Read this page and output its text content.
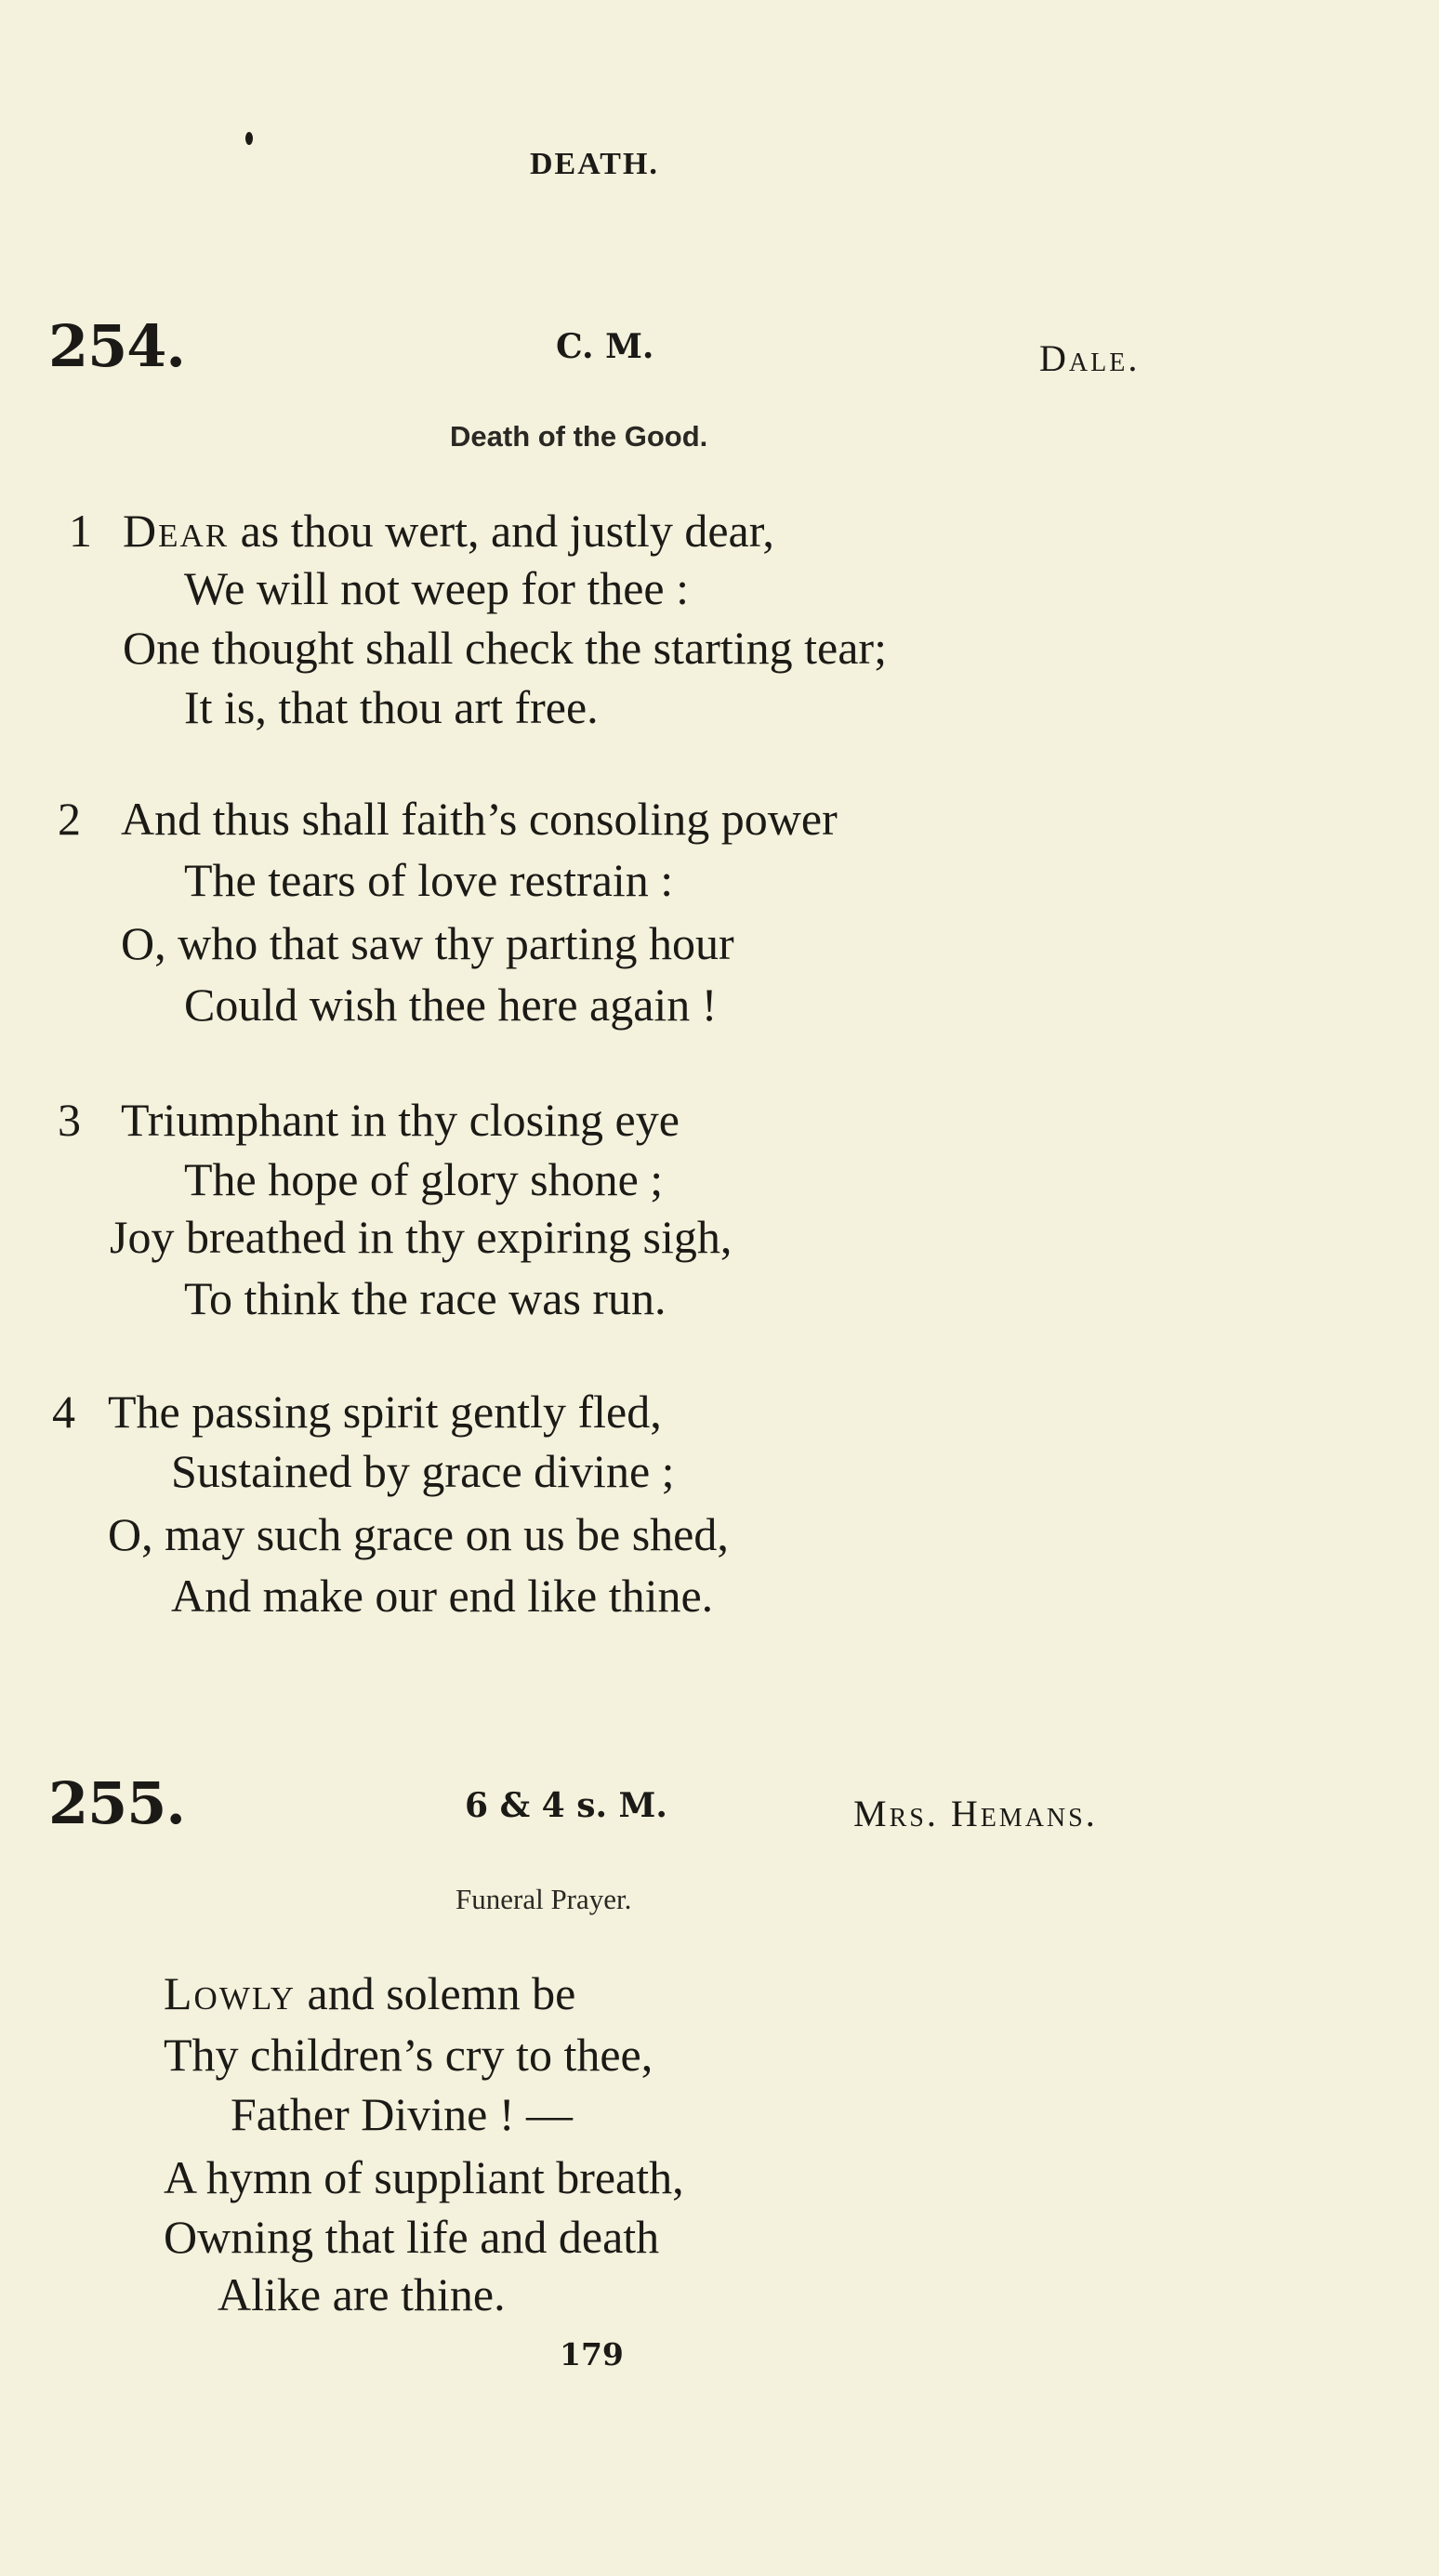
DEATH.
254.	C. M.	Dale.
Death of the Good.
1 Dear as thou wert, and justly dear,
We will not weep for thee :
One thought shall check the starting tear;
It is, that thou art free.
2 And thus shall faith’s consoling power
The tears of love restrain :
O, who that saw thy parting hour
Could wish thee here again !
3 Triumphant in thy closing eye
The hope of glory shone ;
Joy breathed in thy expiring sigh,
To think the race was run.
4 The passing spirit gently fled,
Sustained by grace divine ;
O, may such grace on us be shed,
And make our end like thine.
255.	6 & 4 s. M.	Mrs. Hemans.
Funeral Prayer.
Lowly and solemn be
Thy children’s cry to thee,
Father Divine ! —
A hymn of suppliant breath,
Owning that life and death
Alike are thine.
179
